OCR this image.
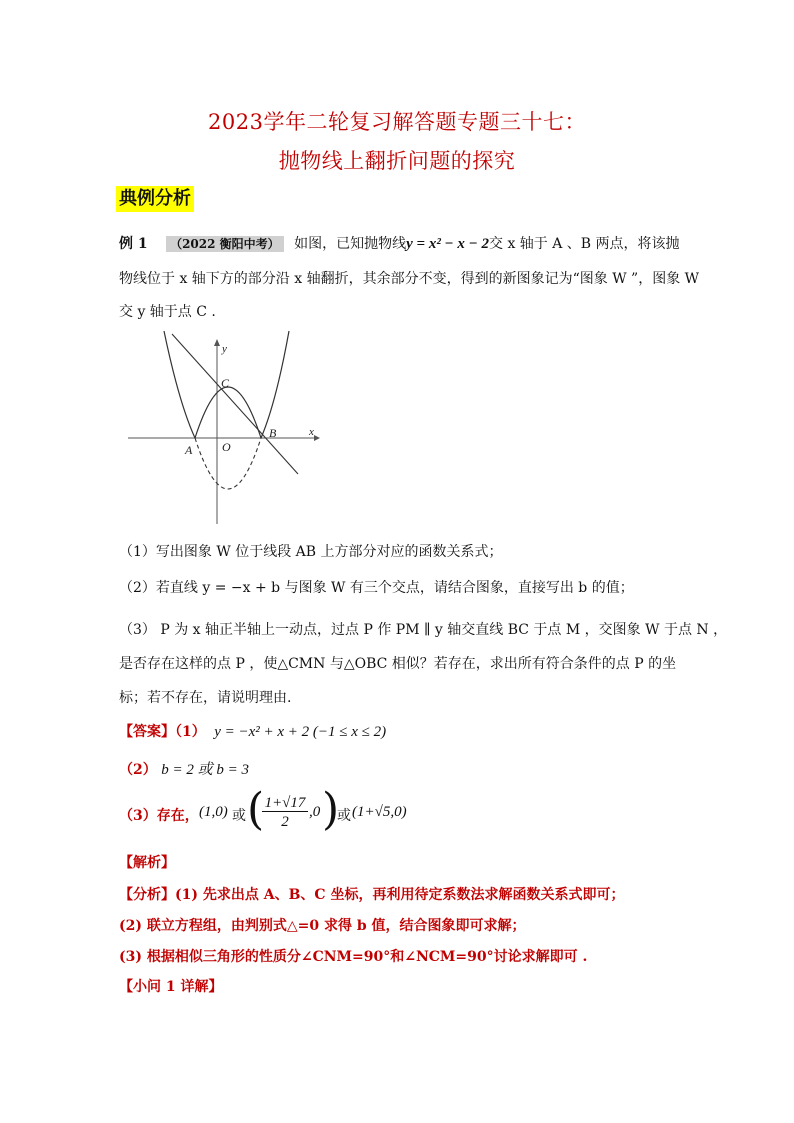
2023学年二轮复习解答题专题三十七：
抛物线上翻折问题的探究
典例分析
例 1 （2022 衡阳中考） 如图，已知抛物线y = x² − x − 2交 x 轴于 A 、B 两点，将该抛
物线位于 x 轴下方的部分沿 x 轴翻折，其余部分不变，得到的新图象记为“图象 W ”，图象 W
交 y 轴于点 C .
x
y
A
B
C
O
（1）写出图象 W 位于线段 AB 上方部分对应的函数关系式；
（2）若直线 y = −x + b 与图象 W 有三个交点，请结合图象，直接写出 b 的值；
（3） P 为 x 轴正半轴上一动点，过点 P 作 PM ∥ y 轴交直线 BC 于点 M ，交图象 W 于点 N ，
是否存在这样的点 P ，使△CMN 与△OBC 相似？若存在，求出所有符合条件的点 P 的坐
标；若不存在，请说明理由.
【答案】（1） y = −x² + x + 2 (−1 ≤ x ≤ 2)
（2） b = 2 或 b = 3
（3）存在， (1,0) 或 ( 1+√17
2
,0 )
或 (1+√5,0)
【解析】
【分析】(1) 先求出点 A、B、C 坐标，再利用待定系数法求解函数关系式即可；
(2) 联立方程组，由判别式△=0 求得 b 值，结合图象即可求解；
(3) 根据相似三角形的性质分∠CNM=90°和∠NCM=90°讨论求解即可 .
【小问 1 详解】
